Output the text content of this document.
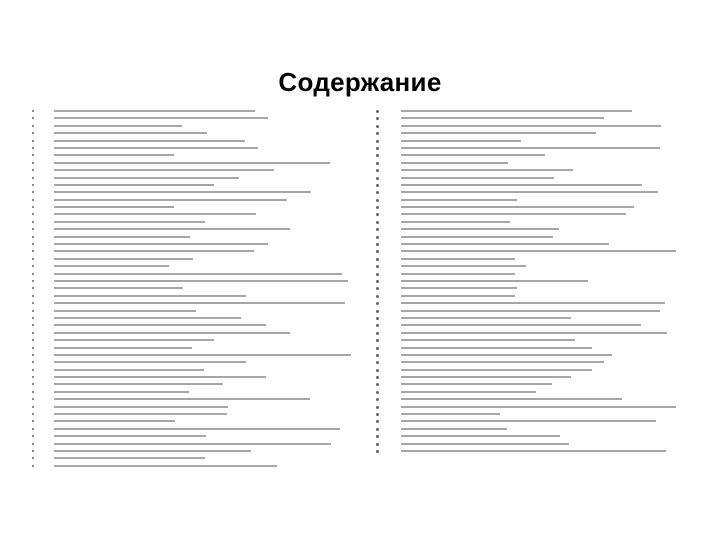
Содержание
